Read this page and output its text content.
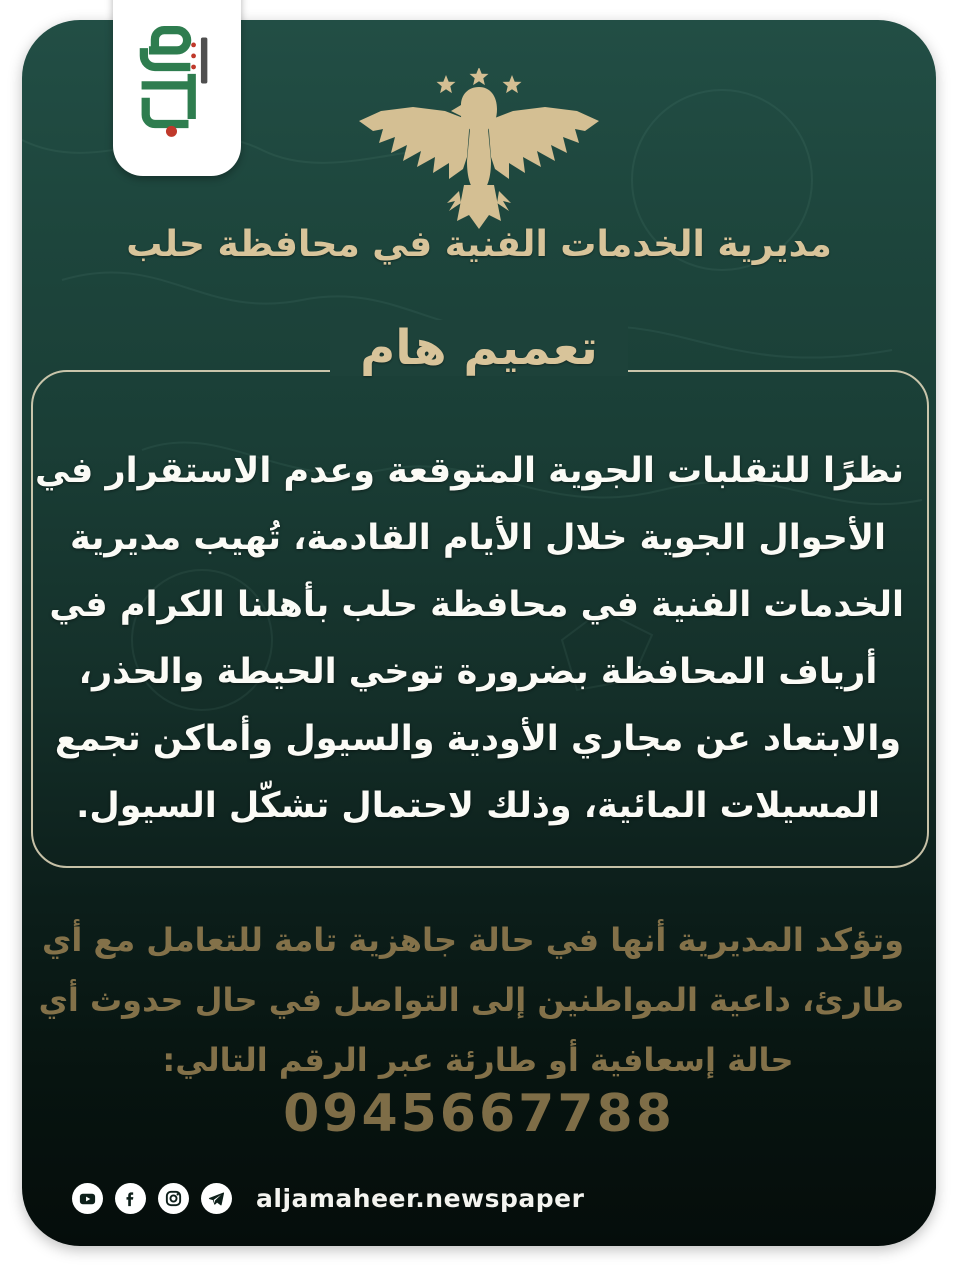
مديرية الخدمات الفنية في محافظة حلب
تعميم هام
نظرًا للتقلبات الجوية المتوقعة وعدم الاستقرار في
الأحوال الجوية خلال الأيام القادمة، تُهيب مديرية
الخدمات الفنية في محافظة حلب بأهلنا الكرام في
أرياف المحافظة بضرورة توخي الحيطة والحذر،
والابتعاد عن مجاري الأودية والسيول وأماكن تجمع
المسيلات المائية، وذلك لاحتمال تشكّل السيول.
وتؤكد المديرية أنها في حالة جاهزية تامة للتعامل مع أي
طارئ، داعية المواطنين إلى التواصل في حال حدوث أي
حالة إسعافية أو طارئة عبر الرقم التالي:
0945667788
aljamaheer.newspaper
